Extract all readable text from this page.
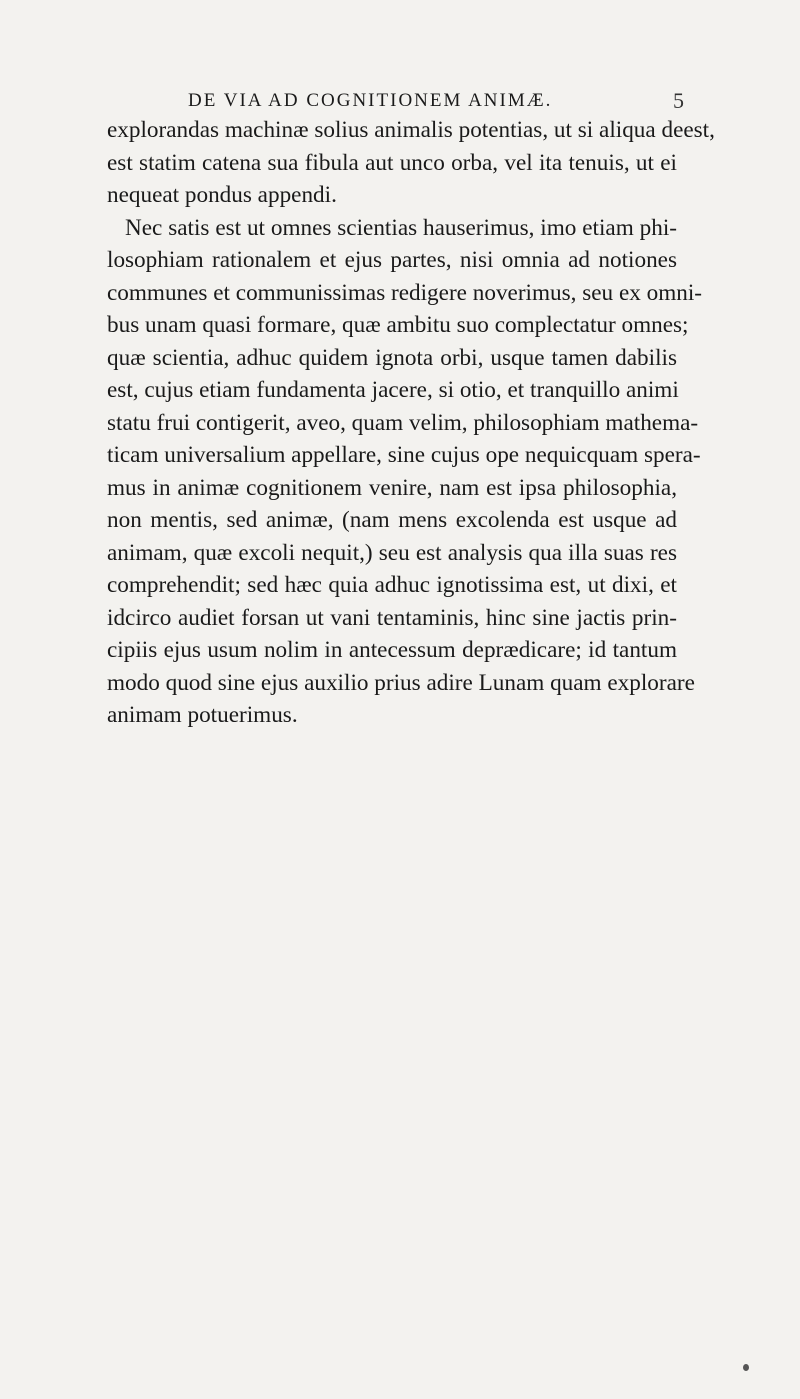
DE VIA AD COGNITIONEM ANIMÆ.	5
explorandas machinæ solius animalis potentias, ut si aliqua deest,
est statim catena sua fibula aut unco orba, vel ita tenuis, ut ei
nequeat pondus appendi.
Nec satis est ut omnes scientias hauserimus, imo etiam phi-
losophiam rationalem et ejus partes, nisi omnia ad notiones
communes et communissimas redigere noverimus, seu ex omni-
bus unam quasi formare, quæ ambitu suo complectatur omnes;
quæ scientia, adhuc quidem ignota orbi, usque tamen dabilis
est, cujus etiam fundamenta jacere, si otio, et tranquillo animi
statu frui contigerit, aveo, quam velim, philosophiam mathema-
ticam universalium appellare, sine cujus ope nequicquam spera-
mus in animæ cognitionem venire, nam est ipsa philosophia,
non mentis, sed animæ, (nam mens excolenda est usque ad
animam, quæ excoli nequit,) seu est analysis qua illa suas res
comprehendit; sed hæc quia adhuc ignotissima est, ut dixi, et
idcirco audiet forsan ut vani tentaminis, hinc sine jactis prin-
cipiis ejus usum nolim in antecessum deprædicare; id tantum
modo quod sine ejus auxilio prius adire Lunam quam explorare
animam potuerimus.
